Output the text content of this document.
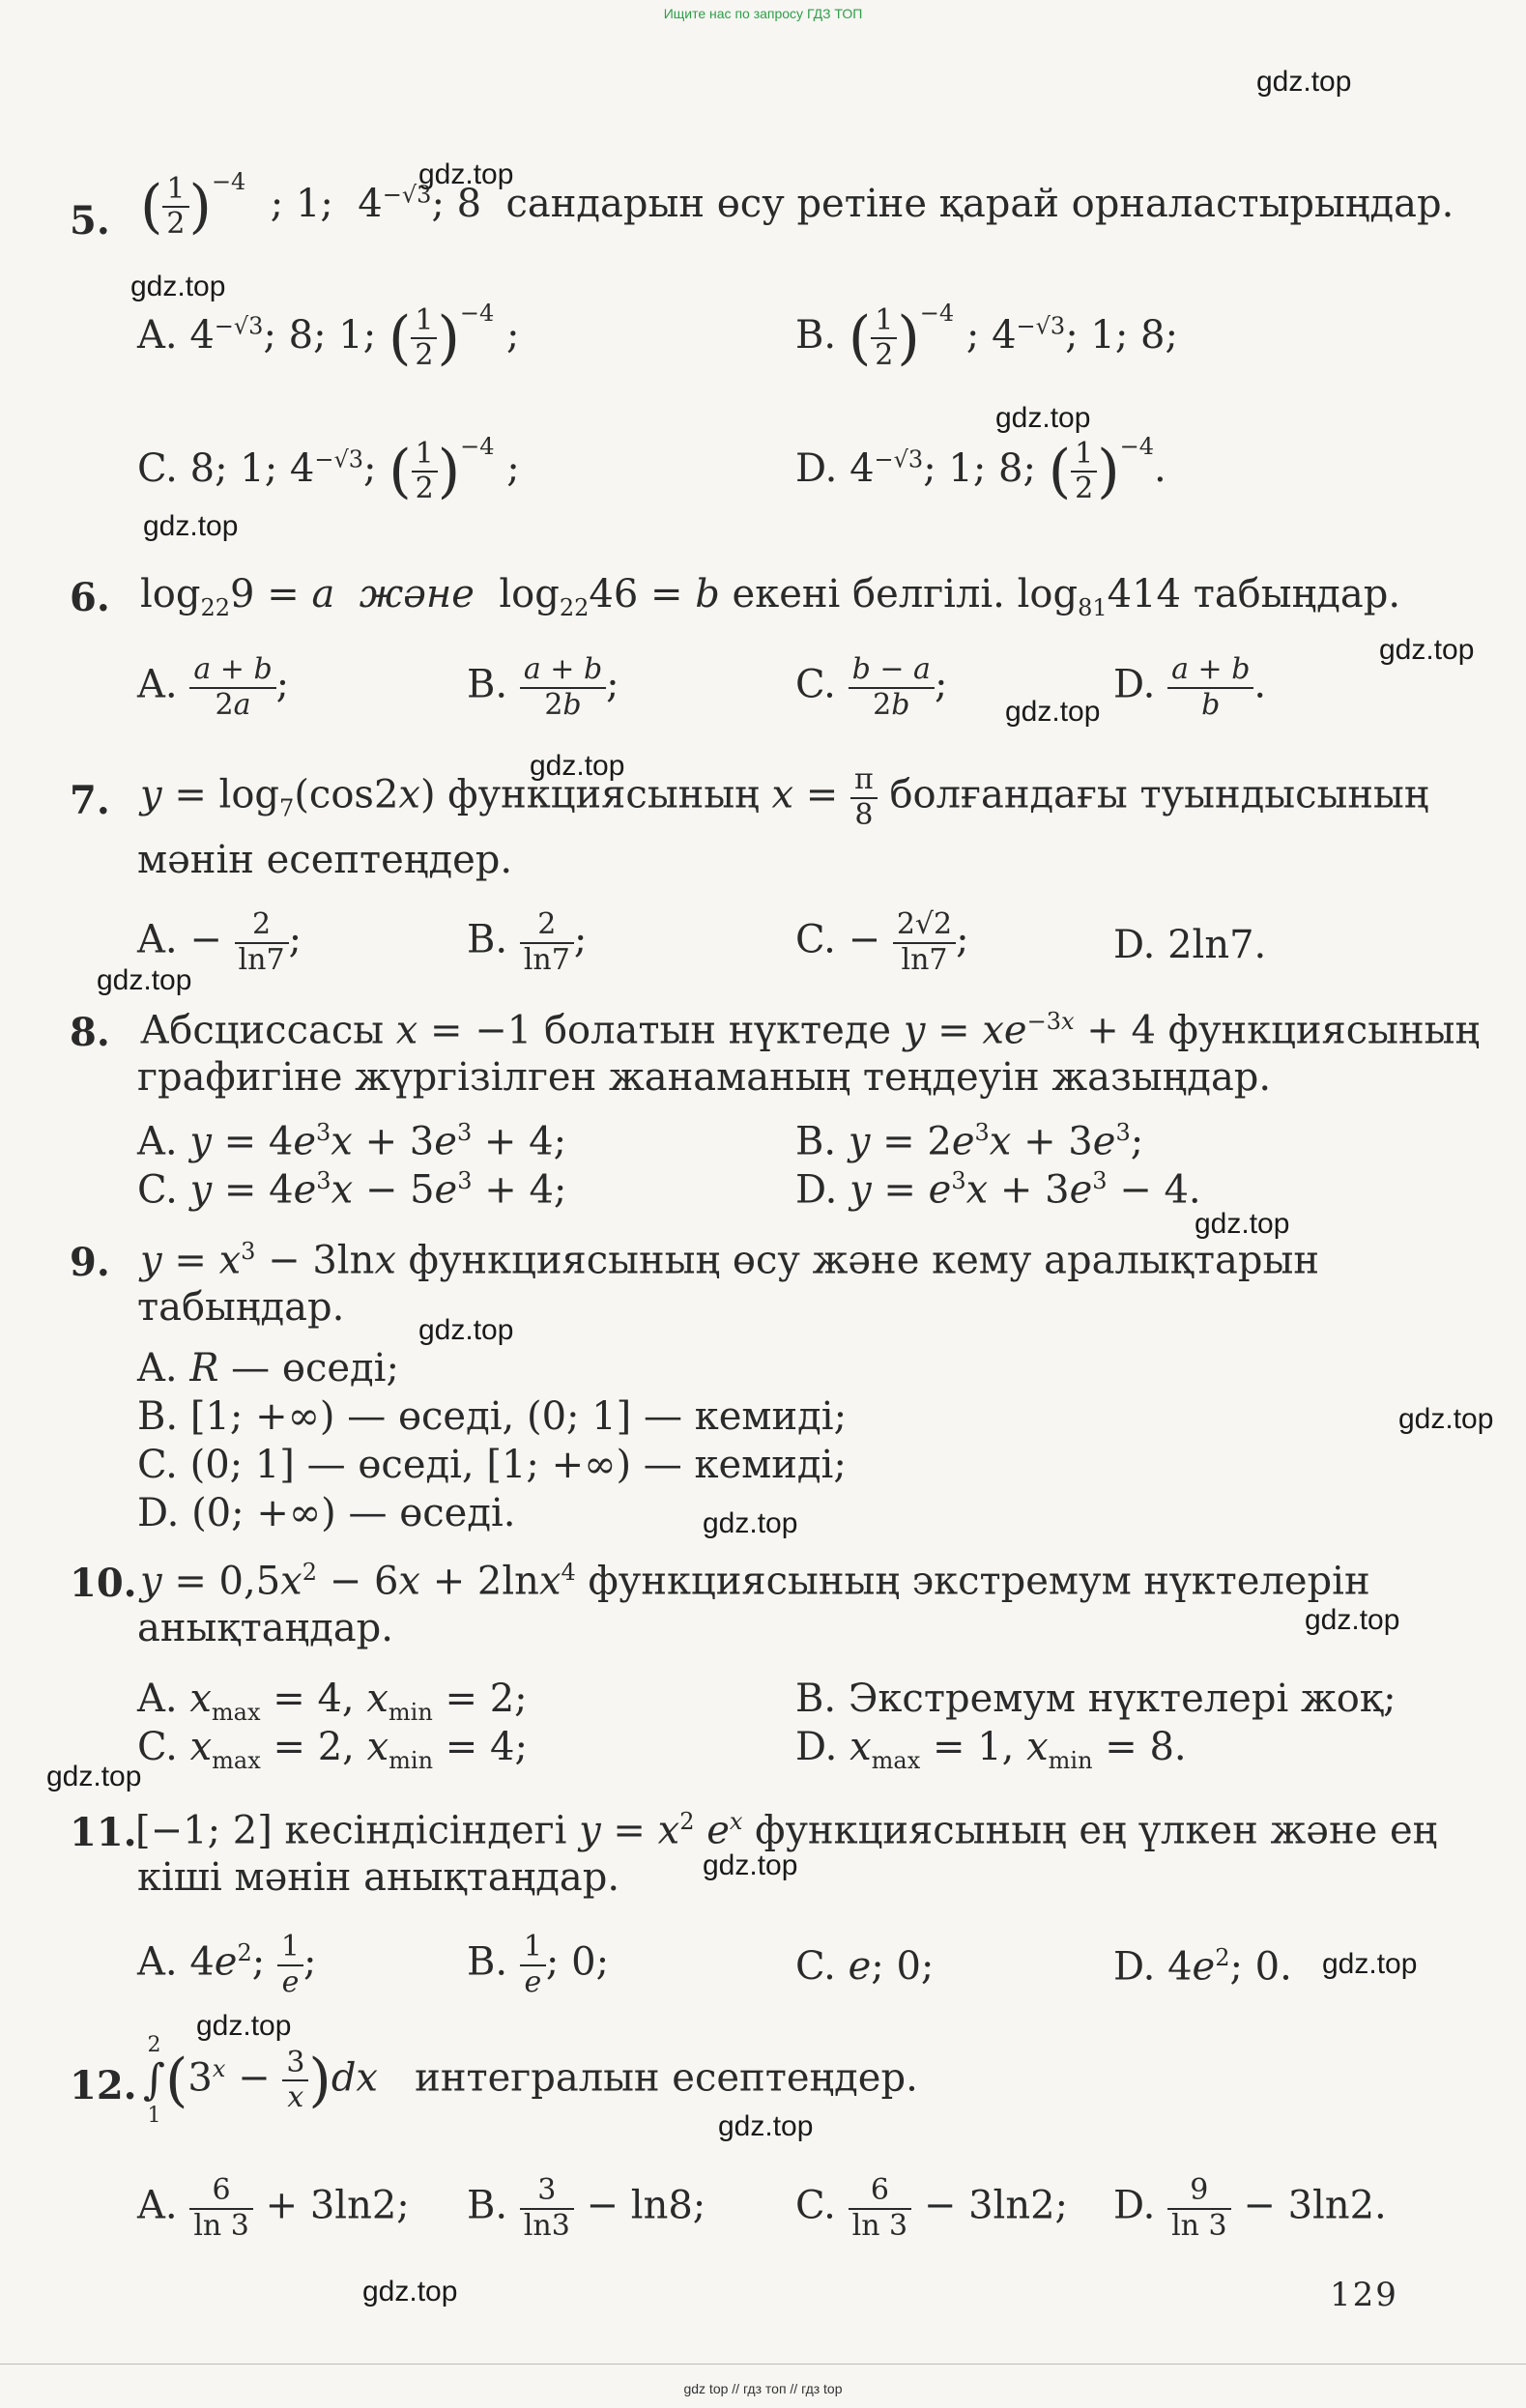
Ищите нас по запросу ГДЗ ТОП
gdz.top
gdz.top
gdz.top
gdz.top
gdz.top
gdz.top
gdz.top
gdz.top
gdz.top
gdz.top
gdz.top
gdz.top
gdz.top
gdz.top
gdz.top
gdz.top
gdz.top
gdz.top
gdz.top
gdz.top
5. ( $\frac{1}{2} )^{-4}$  ; 1;  $4^{-√3}$; 8  сандарын өсу ретіне қарай орналастырыңдар.
A. $4^{-√3}$; 8; 1; ( $\frac{1}{2} )^{-4}$ ;	B. ( $\frac{1}{2} )^{-4}$ ; $4^{-√3}$; 1; 8;
C. 8; 1; $4^{-√3}$; ( $\frac{1}{2} )^{-4}$ ;	D. $4^{-√3}$; 1; 8; ( $\frac{1}{2} )^{-4}$.
6. $\log_{22}9 = a$ және  $\log_{22}46 = b$ екені белгілі. $\log_{81}414$ табыңдар.
A. $\frac{a + b}{2a}$ ;	B. $\frac{a + b}{2b}$ ;	C. $\frac{b - a}{2b}$ ;	D. $\frac{a + b}{b}$ .
7. $y = \log_7(\cos 2x)$ функциясының $x = \frac{\pi}{8}$ болғандағы туындысының
мәнін есептеңдер.
A. − $\frac{2}{\ln 7}$ ;	B. $\frac{2}{\ln 7}$ ;	C. − $\frac{2√2}{\ln 7}$ ;	D. 2ln7.
8. Абсциссасы x = −1 болатын нүктеде $y = xe^{-3x} + 4$ функциясының
графигіне жүргізілген жанаманың теңдеуін жазыңдар.
A. $y = 4e^3x + 3e^3 + 4$;	B. $y = 2e^3x + 3e^3$;
C. $y = 4e^3x - 5e^3 + 4$;	D. $y = e^3x + 3e^3 - 4$.
9. $y = x^3 - 3\ln x$ функциясының өсу және кему аралықтарын
табыңдар.
A. R — өседі;
B. [1; +∞) — өседі, (0; 1] — кемиді;
C. (0; 1] — өседі, [1; +∞) — кемиді;
D. (0; +∞) — өседі.
10. $y = 0,5x^2 - 6x + 2\ln x^4$ функциясының экстремум нүктелерін
анықтаңдар.
A. $x_{max} = 4$, $x_{min} = 2$;	B. Экстремум нүктелері жоқ;
C. $x_{max} = 2$, $x_{min} = 4$;	D. $x_{max} = 1$, $x_{min} = 8$.
11.
[−1; 2] кесіндісіндегі $y = x^2$ $e^x$ функциясының ең үлкен және ең
кіші мәнін анықтаңдар.
A. $4e^2$; $\frac{1}{e}$ ;	B. $\frac{1}{e}$ ; 0;	C. e; 0;	D. $4e^2$; 0.
12.
2
∫
$1(3^x - \frac{3}{x} )dx$ интегралын есептеңдер.
A. $\frac{6}{\ln 3} + 3\ln 2$; B. $\frac{3}{\ln 3} - \ln 8$; C. $\frac{6}{\ln 3} - 3\ln 2$; D. $\frac{9}{\ln 3} - 3\ln 2$.
129
gdz top // гдз топ // гдз top
